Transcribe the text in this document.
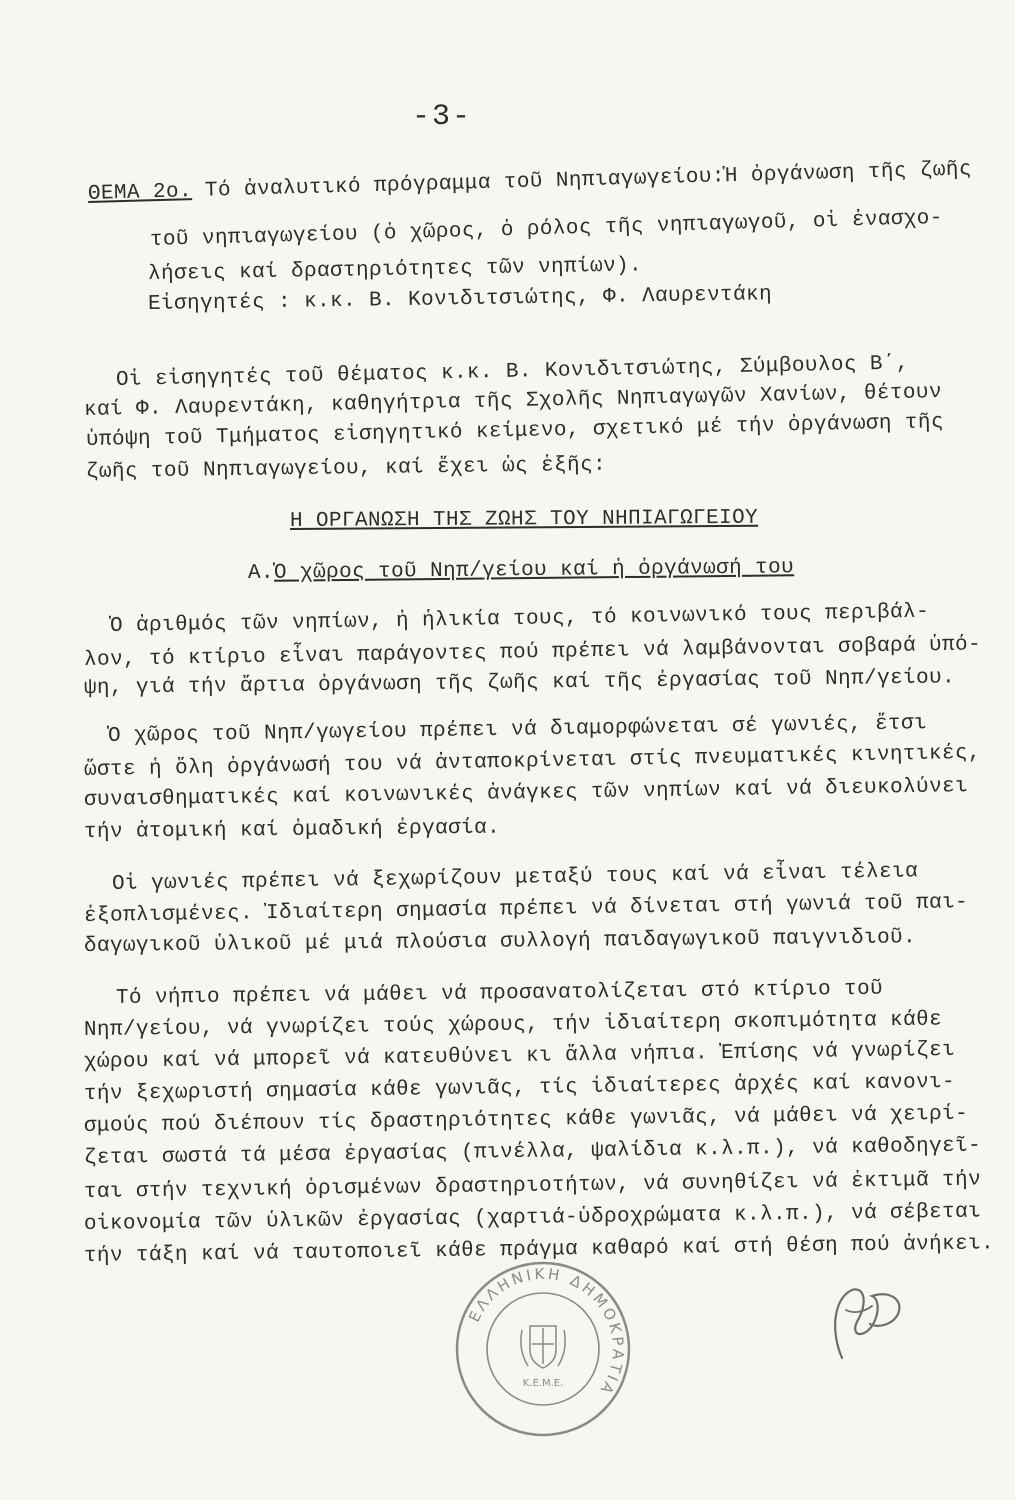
-3-
ΘΕΜΑ 2ο. Τό ἀναλυτικό πρόγραμμα τοῦ Νηπιαγωγείου:Ἡ ὀργάνωση τῆς ζωῆς
τοῦ νηπιαγωγείου (ὁ χῶρος, ὁ ρόλος τῆς νηπιαγωγοῦ, οἱ ἐνασχο-
λήσεις καί δραστηριότητες τῶν νηπίων).
Εἰσηγητές : κ.κ. Β. Κονιδιτσιώτης, Φ. Λαυρεντάκη
Οἱ εἰσηγητές τοῦ θέματος κ.κ. Β. Κονιδιτσιώτης, Σύμβουλος Β΄,
καί Φ. Λαυρεντάκη, καθηγήτρια τῆς Σχολῆς Νηπιαγωγῶν Χανίων, θέτουν
ὑπόψη τοῦ Τμήματος εἰσηγητικό κείμενο, σχετικό μέ τήν ὀργάνωση τῆς
ζωῆς τοῦ Νηπιαγωγείου, καί ἔχει ὡς ἑξῆς:
Η ΟΡΓΑΝΩΣΗ ΤΗΣ ΖΩΗΣ ΤΟΥ ΝΗΠΙΑΓΩΓΕΙΟΥ
Α.Ὁ χῶρος τοῦ Νηπ/γείου καί ἡ ὀργάνωσή του
Ὁ ἀριθμός τῶν νηπίων, ἡ ἡλικία τους, τό κοινωνικό τους περιβάλ-
λον, τό κτίριο εἶναι παράγοντες πού πρέπει νά λαμβάνονται σοβαρά ὑπό-
ψη, γιά τήν ἄρτια ὀργάνωση τῆς ζωῆς καί τῆς ἐργασίας τοῦ Νηπ/γείου.
Ὁ χῶρος τοῦ Νηπ/γωγείου πρέπει νά διαμορφώνεται σέ γωνιές, ἔτσι
ὥστε ἡ ὅλη ὀργάνωσή του νά ἀνταποκρίνεται στίς πνευματικές κινητικές,
συναισθηματικές καί κοινωνικές ἀνάγκες τῶν νηπίων καί νά διευκολύνει
τήν ἀτομική καί ὁμαδική ἐργασία.
Οἱ γωνιές πρέπει νά ξεχωρίζουν μεταξύ τους καί νά εἶναι τέλεια
ἐξοπλισμένες. Ἰδιαίτερη σημασία πρέπει νά δίνεται στή γωνιά τοῦ παι-
δαγωγικοῦ ὑλικοῦ μέ μιά πλούσια συλλογή παιδαγωγικοῦ παιγνιδιοῦ.
Τό νήπιο πρέπει νά μάθει νά προσανατολίζεται στό κτίριο τοῦ
Νηπ/γείου, νά γνωρίζει τούς χώρους, τήν ἰδιαίτερη σκοπιμότητα κάθε
χώρου καί νά μπορεῖ νά κατευθύνει κι ἄλλα νήπια. Ἐπίσης νά γνωρίζει
τήν ξεχωριστή σημασία κάθε γωνιᾶς, τίς ἰδιαίτερες ἀρχές καί κανονι-
σμούς πού διέπουν τίς δραστηριότητες κάθε γωνιᾶς, νά μάθει νά χειρί-
ζεται σωστά τά μέσα ἐργασίας (πινέλλα, ψαλίδια κ.λ.π.), νά καθοδηγεῖ-
ται στήν τεχνική ὁρισμένων δραστηριοτήτων, νά συνηθίζει νά ἐκτιμᾶ τήν
οἰκονομία τῶν ὑλικῶν ἐργασίας (χαρτιά-ὑδροχρώματα κ.λ.π.), νά σέβεται
τήν τάξη καί νά ταυτοποιεῖ κάθε πράγμα καθαρό καί στή θέση πού ἀνήκει.
ΕΛΛΗΝΙΚΗ ΔΗΜΟΚΡΑΤΙΑ
Κ.Ε.Μ.Ε.
